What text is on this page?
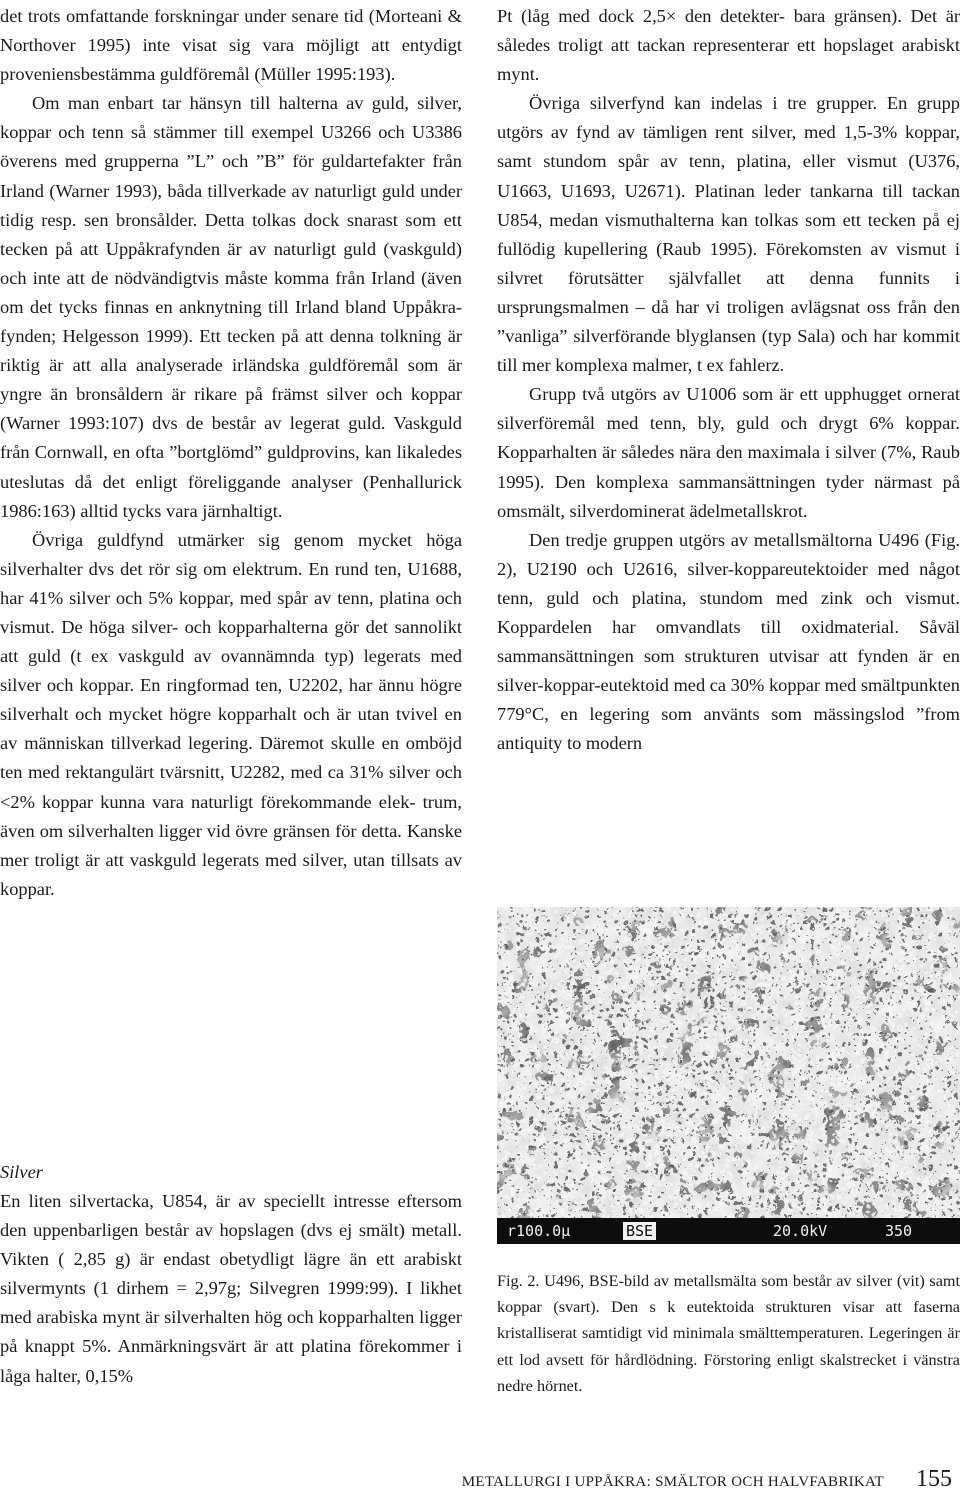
det trots omfattande forskningar under senare tid (Morteani & Northover 1995) inte visat sig vara möjligt att entydigt proveniensbestämma guldföremål (Müller 1995:193).

Om man enbart tar hänsyn till halterna av guld, silver, koppar och tenn så stämmer till exempel U3266 och U3386 överens med grupperna ”L” och ”B” för guldartefakter från Irland (Warner 1993), båda tillverkade av naturligt guld under tidig resp. sen bronsålder. Detta tolkas dock snarast som ett tecken på att Uppåkrafynden är av naturligt guld (vaskguld) och inte att de nödvändigtvis måste komma från Irland (även om det tycks finnas en anknytning till Irland bland Uppåkra-fynden; Helgesson 1999). Ett tecken på att denna tolkning är riktig är att alla analyserade irländska guldföremål som är yngre än bronsåldern är rikare på främst silver och koppar (Warner 1993:107) dvs de består av legerat guld. Vaskguld från Cornwall, en ofta ”bortglömd” guldprovins, kan likaledes uteslutas då det enligt föreliggande analyser (Penhallurick 1986:163) alltid tycks vara järnhaltigt.

Övriga guldfynd utmärker sig genom mycket höga silverhalter dvs det rör sig om elektrum. En rund ten, U1688, har 41% silver och 5% koppar, med spår av tenn, platina och vismut. De höga silver- och kopparhalterna gör det sannolikt att guld (t ex vaskguld av ovannämnda typ) legerats med silver och koppar. En ringformad ten, U2202, har ännu högre silverhalt och mycket högre kopparhalt och är utan tvivel en av människan tillverkad legering. Däremot skulle en omböjd ten med rektangulärt tvärsnitt, U2282, med ca 31% silver och <2% koppar kunna vara naturligt förekommande elek- trum, även om silverhalten ligger vid övre gränsen för detta. Kanske mer troligt är att vaskguld legerats med silver, utan tillsats av koppar.

Silver

En liten silvertacka, U854, är av speciellt intresse eftersom den uppenbarligen består av hopslagen (dvs ej smält) metall. Vikten ( 2,85 g) är endast obetydligt lägre än ett arabiskt silvermynts (1 dirhem = 2,97g; Silvegren 1999:99). I likhet med arabiska mynt är silverhalten hög och kopparhalten ligger på knappt 5%. Anmärkningsvärt är att platina förekommer i låga halter, 0,15%

Pt (låg med dock 2,5× den detekter- bara gränsen). Det är således troligt att tackan representerar ett hopslaget arabiskt mynt.

Övriga silverfynd kan indelas i tre grupper. En grupp utgörs av fynd av tämligen rent silver, med 1,5-3% koppar, samt stundom spår av tenn, platina, eller vismut (U376, U1663, U1693, U2671). Platinan leder tankarna till tackan U854, medan vismuthalterna kan tolkas som ett tecken på ej fullödig kupellering (Raub 1995). Förekomsten av vismut i silvret förutsätter självfallet att denna funnits i ursprungsmalmen – då har vi troligen avlägsnat oss från den ”vanliga” silverförande blyglansen (typ Sala) och har kommit till mer komplexa malmer, t ex fahlerz.

Grupp två utgörs av U1006 som är ett upphugget ornerat silverföremål med tenn, bly, guld och drygt 6% koppar. Kopparhalten är således nära den maximala i silver (7%, Raub 1995). Den komplexa sammansättningen tyder närmast på omsmält, silverdominerat ädelmetallskrot.

Den tredje gruppen utgörs av metallsmältorna U496 (Fig. 2), U2190 och U2616, silver-koppareutektoider med något tenn, guld och platina, stundom med zink och vismut. Koppardelen har omvandlats till oxidmaterial. Såväl sammansättningen som strukturen utvisar att fynden är en silver-koppar-eutektoid med ca 30% koppar med smältpunkten 779°C, en legering som använts som mässingslod ”from antiquity to modern

r100.0µ	BSE	20.0kV	350

Fig. 2. U496, BSE-bild av metallsmälta som består av silver (vit) samt koppar (svart). Den s k eutektoida strukturen visar att faserna kristalliserat samtidigt vid minimala smälttemperaturen. Legeringen är ett lod avsett för hårdlödning. Förstoring enligt skalstrecket i vänstra nedre hörnet.

METALLURGI I UPPÅKRA: SMÄLTOR OCH HALVFABRIKAT 155
